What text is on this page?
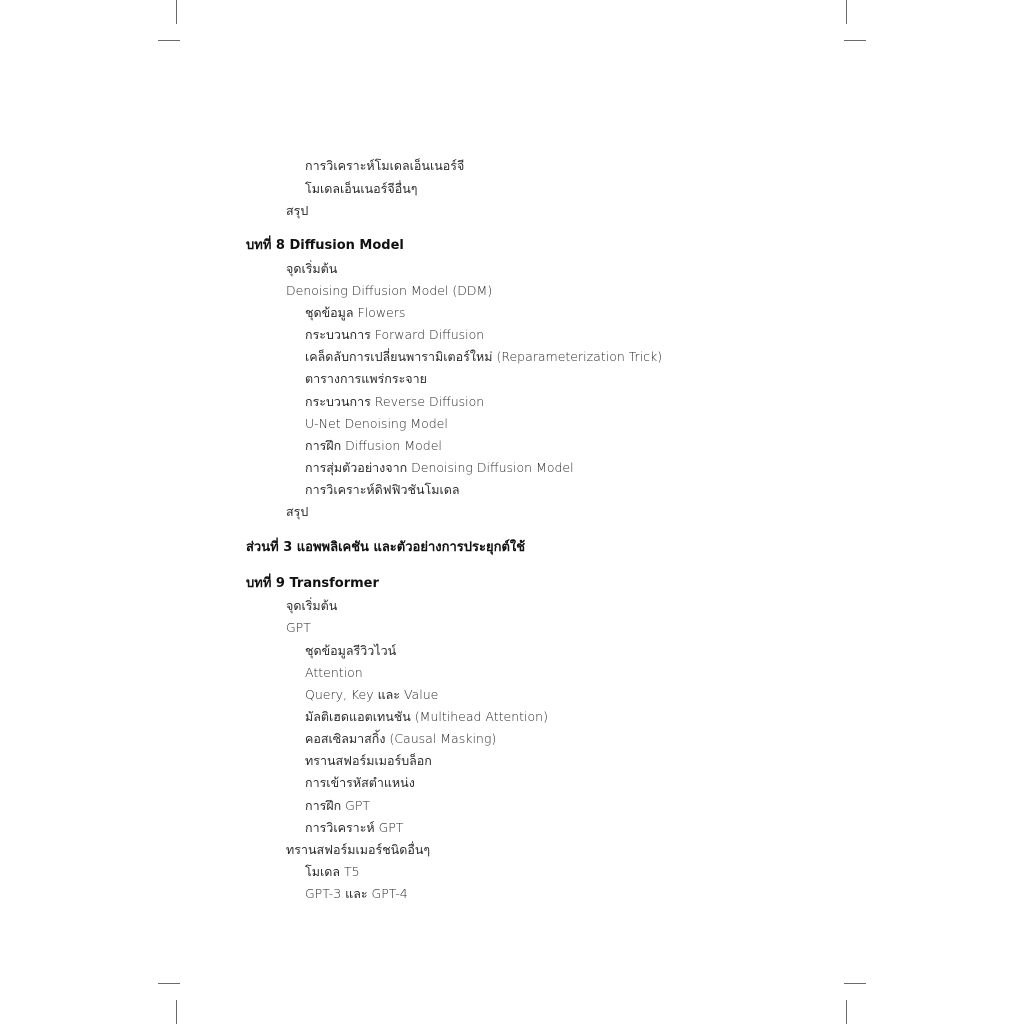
การวิเคราะห์โมเดลเอ็นเนอร์จี
โมเดลเอ็นเนอร์จีอื่นๆ
สรุป
บทที่ 8 Diffusion Model
จุดเริ่มต้น
Denoising Diffusion Model (DDM)
ชุดข้อมูล Flowers
กระบวนการ Forward Diffusion
เคล็ดลับการเปลี่ยนพารามิเตอร์ใหม่ (Reparameterization Trick)
ตารางการแพร่กระจาย
กระบวนการ Reverse Diffusion
U-Net Denoising Model
การฝึก Diffusion Model
การสุ่มตัวอย่างจาก Denoising Diffusion Model
การวิเคราะห์ดิฟฟิวชันโมเดล
สรุป
ส่วนที่ 3 แอพพลิเคชัน และตัวอย่างการประยุกต์ใช้
บทที่ 9 Transformer
จุดเริ่มต้น
GPT
ชุดข้อมูลรีวิวไวน์
Attention
Query, Key และ Value
มัลติเฮดแอตเทนชัน (Multihead Attention)
คอสเซิลมาสกิ้ง (Causal Masking)
ทรานสฟอร์มเมอร์บล็อก
การเข้ารหัสตำแหน่ง
การฝึก GPT
การวิเคราะห์ GPT
ทรานสฟอร์มเมอร์ชนิดอื่นๆ
โมเดล T5
GPT-3 และ GPT-4
